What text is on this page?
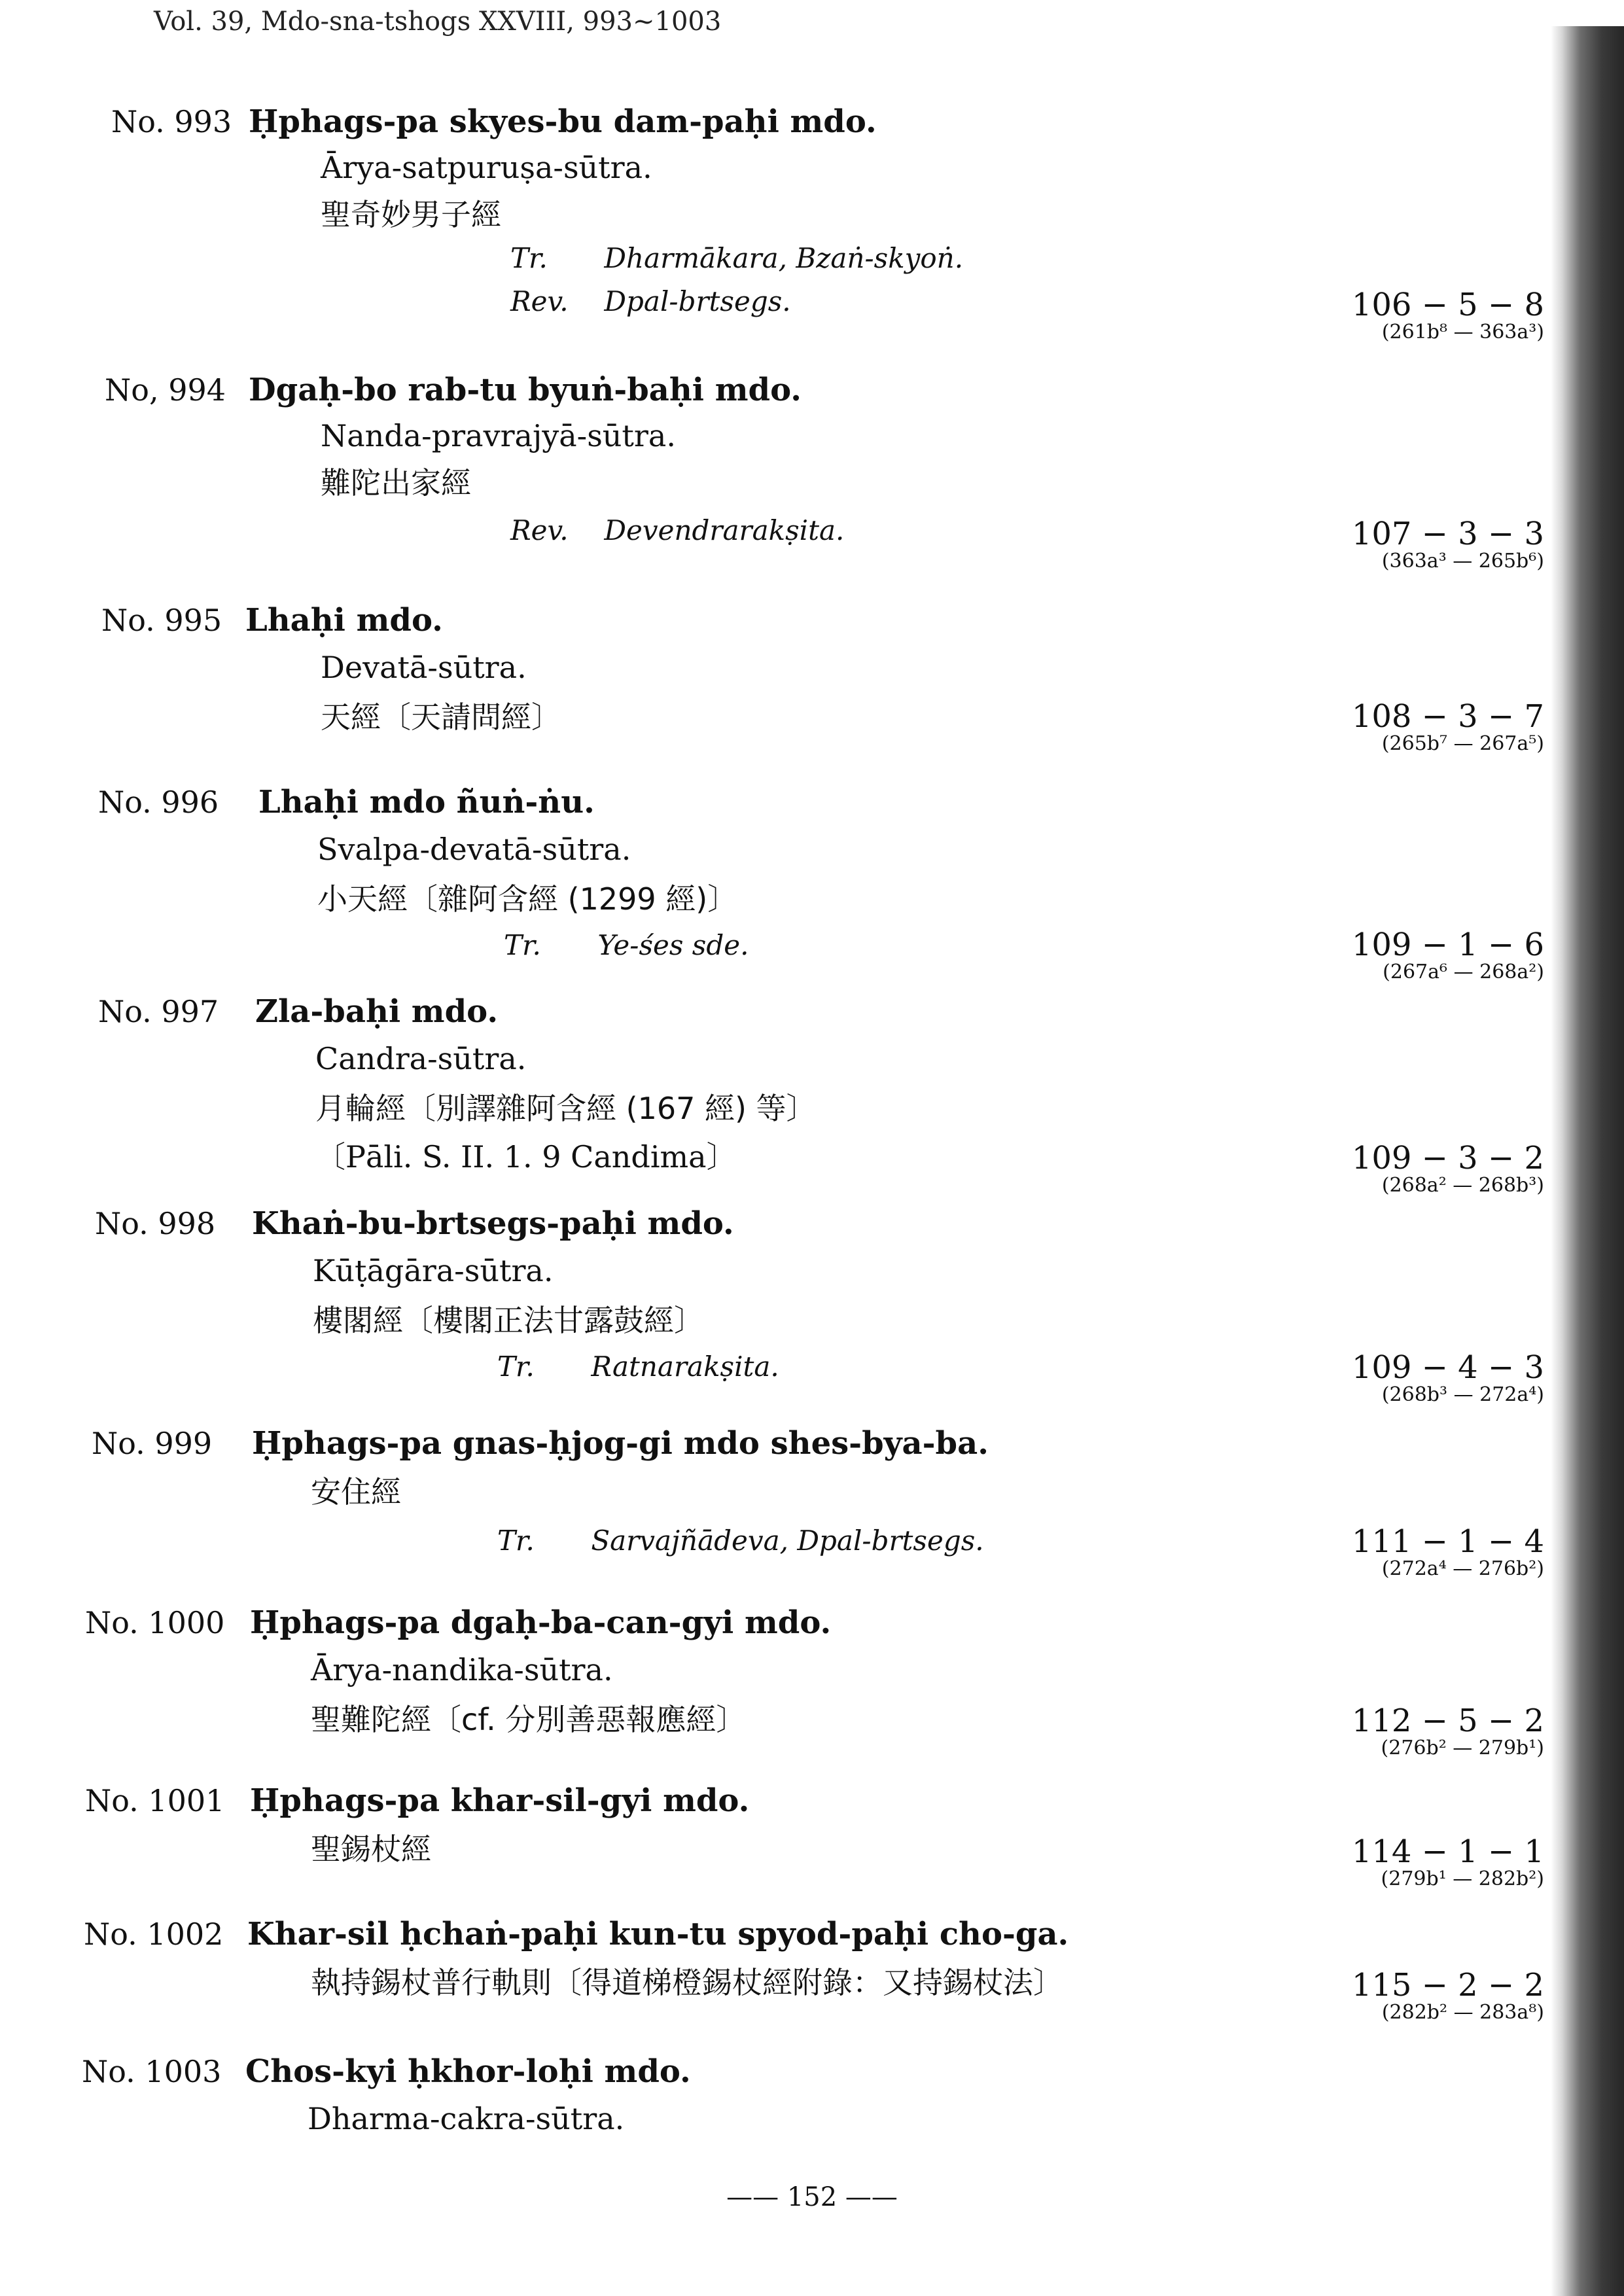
Vol. 39, Mdo-sna-tshogs XXVIII, 993~1003
No. 993 Ḥphags-pa skyes-bu dam-paḥi mdo.
Ārya-satpuruṣa-sūtra.
聖奇妙男子經
Tr. Dharmākara, Bzaṅ-skyoṅ.
Rev. Dpal-brtsegs.	106 − 5 − 8
(261b⁸ — 363a³)
No, 994 Dgaḥ-bo rab-tu byuṅ-baḥi mdo.
Nanda-pravrajyā-sūtra.
難陀出家經
Rev. Devendrarakṣita.	107 − 3 − 3
(363a³ — 265b⁶)
No. 995 Lhaḥi mdo.
Devatā-sūtra.
天經〔天請問經〕	108 − 3 − 7
(265b⁷ — 267a⁵)
No. 996	Lhaḥi mdo ñuṅ-ṅu.
Svalpa-devatā-sūtra.
小天經〔雜阿含經 (1299 經)〕
Tr. Ye-śes sde.	109 − 1 − 6
(267a⁶ — 268a²)
No. 997	Zla-baḥi mdo.
Candra-sūtra.
月輪經〔別譯雜阿含經 (167 經) 等〕
〔Pāli. S. II. 1. 9 Candima〕	109 − 3 − 2
(268a² — 268b³)
No. 998	Khaṅ-bu-brtsegs-paḥi mdo.
Kūṭāgāra-sūtra.
樓閣經〔樓閣正法甘露鼓經〕
Tr. Ratnarakṣita.	109 − 4 − 3
(268b³ — 272a⁴)
No. 999	Ḥphags-pa gnas-ḥjog-gi mdo shes-bya-ba.
安住經
Tr. Sarvajñādeva, Dpal-brtsegs.	111 − 1 − 4
(272a⁴ — 276b²)
No. 1000 Ḥphags-pa dgaḥ-ba-can-gyi mdo.
Ārya-nandika-sūtra.
聖難陀經〔cf. 分別善惡報應經〕	112 − 5 − 2
(276b² — 279b¹)
No. 1001 Ḥphags-pa khar-sil-gyi mdo.
聖錫杖經	114 − 1 − 1
(279b¹ — 282b²)
No. 1002 Khar-sil ḥchaṅ-paḥi kun-tu spyod-paḥi cho-ga.
執持錫杖普行軌則〔得道梯橙錫杖經附錄：又持錫杖法〕	115 − 2 − 2
(282b² — 283a⁸)
No. 1003 Chos-kyi ḥkhor-loḥi mdo.
Dharma-cakra-sūtra.
—— 152 ——
